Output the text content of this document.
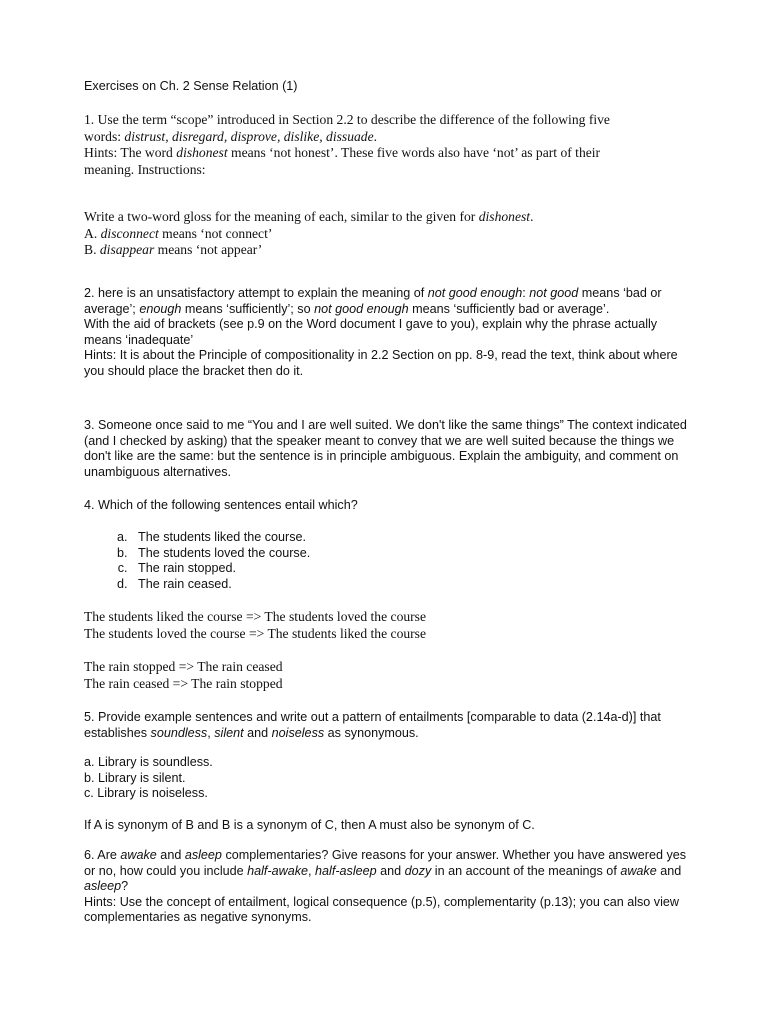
Exercises on Ch. 2 Sense Relation (1)

1. Use the term “scope” introduced in Section 2.2 to describe the difference of the following five
words: distrust, disregard, disprove, dislike, dissuade.
Hints: The word dishonest means ‘not honest’. These five words also have ‘not’ as part of their
meaning. Instructions:
Write a two-word gloss for the meaning of each, similar to the given for dishonest.
A. disconnect means ‘not connect’
B. disappear means ‘not appear’
2. here is an unsatisfactory attempt to explain the meaning of not good enough: not good means ‘bad or average’; enough means ‘sufficiently’; so not good enough means ‘sufficiently bad or average’.
With the aid of brackets (see p.9 on the Word document I gave to you), explain why the phrase actually means ‘inadequate’
Hints: It is about the Principle of compositionality in 2.2 Section on pp. 8-9, read the text, think about where you should place the bracket then do it.
3. Someone once said to me “You and I are well suited. We don't like the same things” The context indicated (and I checked by asking) that the speaker meant to convey that we are well suited because the things we don't like are the same: but the sentence is in principle ambiguous. Explain the ambiguity, and comment on unambiguous alternatives.
4. Which of the following sentences entail which?
a. The students liked the course.
b. The students loved the course.
c. The rain stopped.
d. The rain ceased.
The students liked the course => The students loved the course
The students loved the course => The students liked the course
The rain stopped => The rain ceased
The rain ceased => The rain stopped
5. Provide example sentences and write out a pattern of entailments [comparable to data (2.14a-d)] that establishes soundless, silent and noiseless as synonymous.
a. Library is soundless.
b. Library is silent.
c. Library is noiseless.
If A is synonym of B and B is a synonym of C, then A must also be synonym of C.
6. Are awake and asleep complementaries? Give reasons for your answer. Whether you have answered yes or no, how could you include half-awake, half-asleep and dozy in an account of the meanings of awake and asleep?
Hints: Use the concept of entailment, logical consequence (p.5), complementarity (p.13); you can also view complementaries as negative synonyms.
